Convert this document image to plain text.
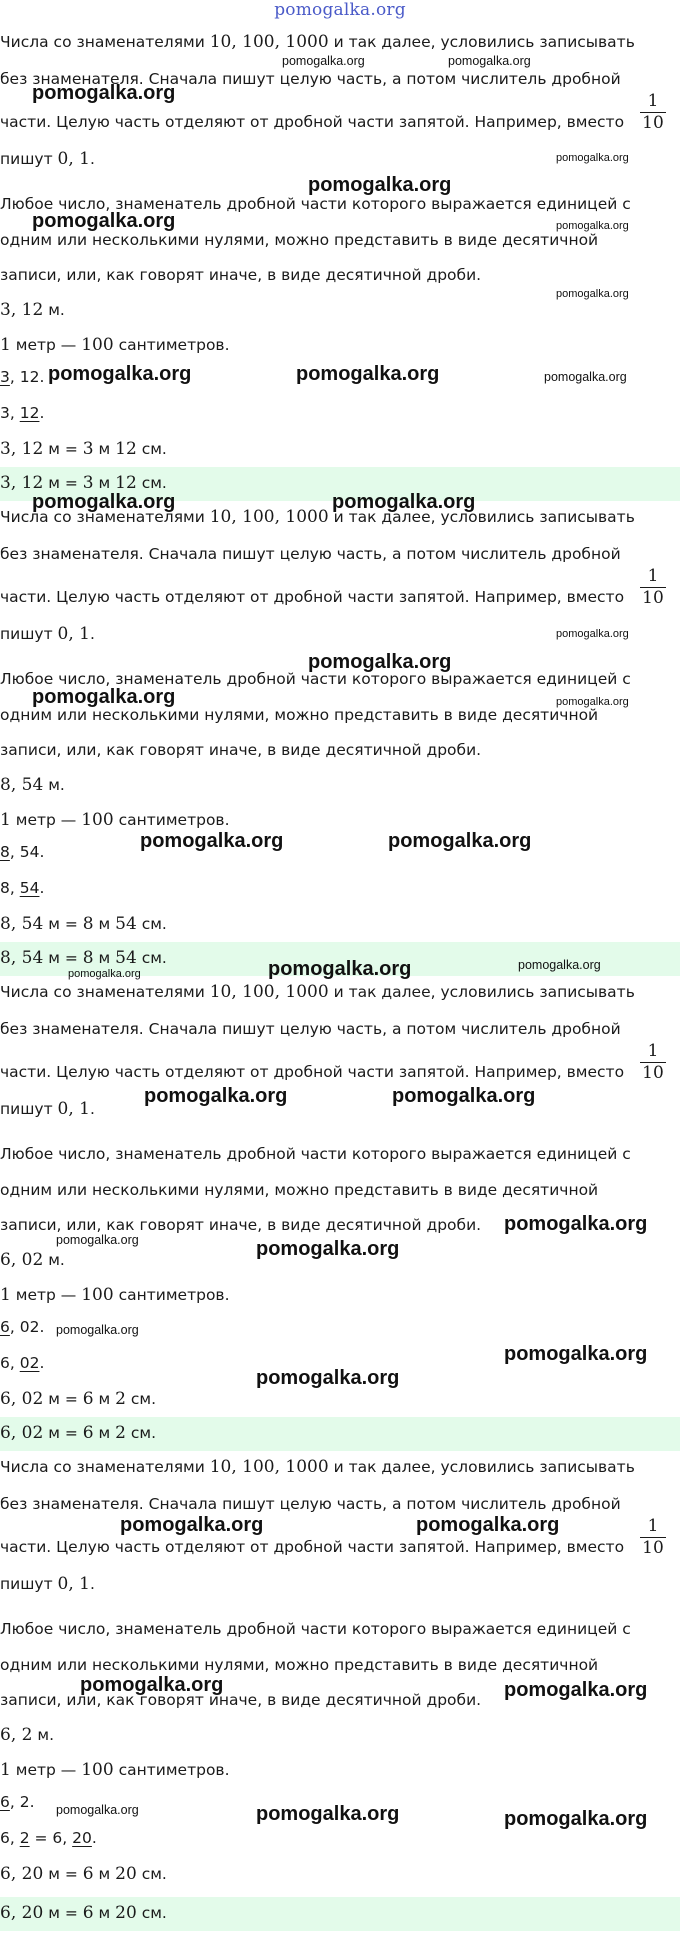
pomogalka.org
Числа со знаменателями 10, 100, 1000 и так далее, условились записывать
без знаменателя. Сначала пишут целую часть, а потом числитель дробной
части. Целую часть отделяют от дробной части запятой. Например, вместо $\frac{1}{10}$
пишут 0, 1.
Любое число, знаменатель дробной части которого выражается единицей с
одним или несколькими нулями, можно представить в виде десятичной
записи, или, как говорят иначе, в виде десятичной дроби.
3, 12 м.
1 метр — 100 сантиметров.
3, 12.
3, 12.
3, 12 м = 3 м 12 см.
3, 12 м = 3 м 12 см.
Числа со знаменателями 10, 100, 1000 и так далее, условились записывать
без знаменателя. Сначала пишут целую часть, а потом числитель дробной
части. Целую часть отделяют от дробной части запятой. Например, вместо $\frac{1}{10}$
пишут 0, 1.
Любое число, знаменатель дробной части которого выражается единицей с
одним или несколькими нулями, можно представить в виде десятичной
записи, или, как говорят иначе, в виде десятичной дроби.
8, 54 м.
1 метр — 100 сантиметров.
8, 54.
8, 54.
8, 54 м = 8 м 54 см.
8, 54 м = 8 м 54 см.
Числа со знаменателями 10, 100, 1000 и так далее, условились записывать
без знаменателя. Сначала пишут целую часть, а потом числитель дробной
части. Целую часть отделяют от дробной части запятой. Например, вместо $\frac{1}{10}$
пишут 0, 1.
Любое число, знаменатель дробной части которого выражается единицей с
одним или несколькими нулями, можно представить в виде десятичной
записи, или, как говорят иначе, в виде десятичной дроби.
6, 02 м.
1 метр — 100 сантиметров.
6, 02.
6, 02.
6, 02 м = 6 м 2 см.
6, 02 м = 6 м 2 см.
Числа со знаменателями 10, 100, 1000 и так далее, условились записывать
без знаменателя. Сначала пишут целую часть, а потом числитель дробной
части. Целую часть отделяют от дробной части запятой. Например, вместо $\frac{1}{10}$
пишут 0, 1.
Любое число, знаменатель дробной части которого выражается единицей с
одним или несколькими нулями, можно представить в виде десятичной
записи, или, как говорят иначе, в виде десятичной дроби.
6, 2 м.
1 метр — 100 сантиметров.
6, 2.
6, 2 = 6, 20.
6, 20 м = 6 м 20 см.
6, 20 м = 6 м 20 см.
pomogalka.org	pomogalka.org
pomogalka.org
pomogalka.org
pomogalka.org
pomogalka.org	pomogalka.org
pomogalka.org
pomogalka.org	pomogalka.org	pomogalka.org
pomogalka.org	pomogalka.org
pomogalka.org
pomogalka.org
pomogalka.org	pomogalka.org
pomogalka.org	pomogalka.org
pomogalka.org	pomogalka.org
pomogalka.org
pomogalka.org	pomogalka.org
pomogalka.org
pomogalka.org	pomogalka.org
pomogalka.org
pomogalka.org
pomogalka.org
pomogalka.org	pomogalka.org
pomogalka.org	pomogalka.org
pomogalka.org	pomogalka.org	pomogalka.org
